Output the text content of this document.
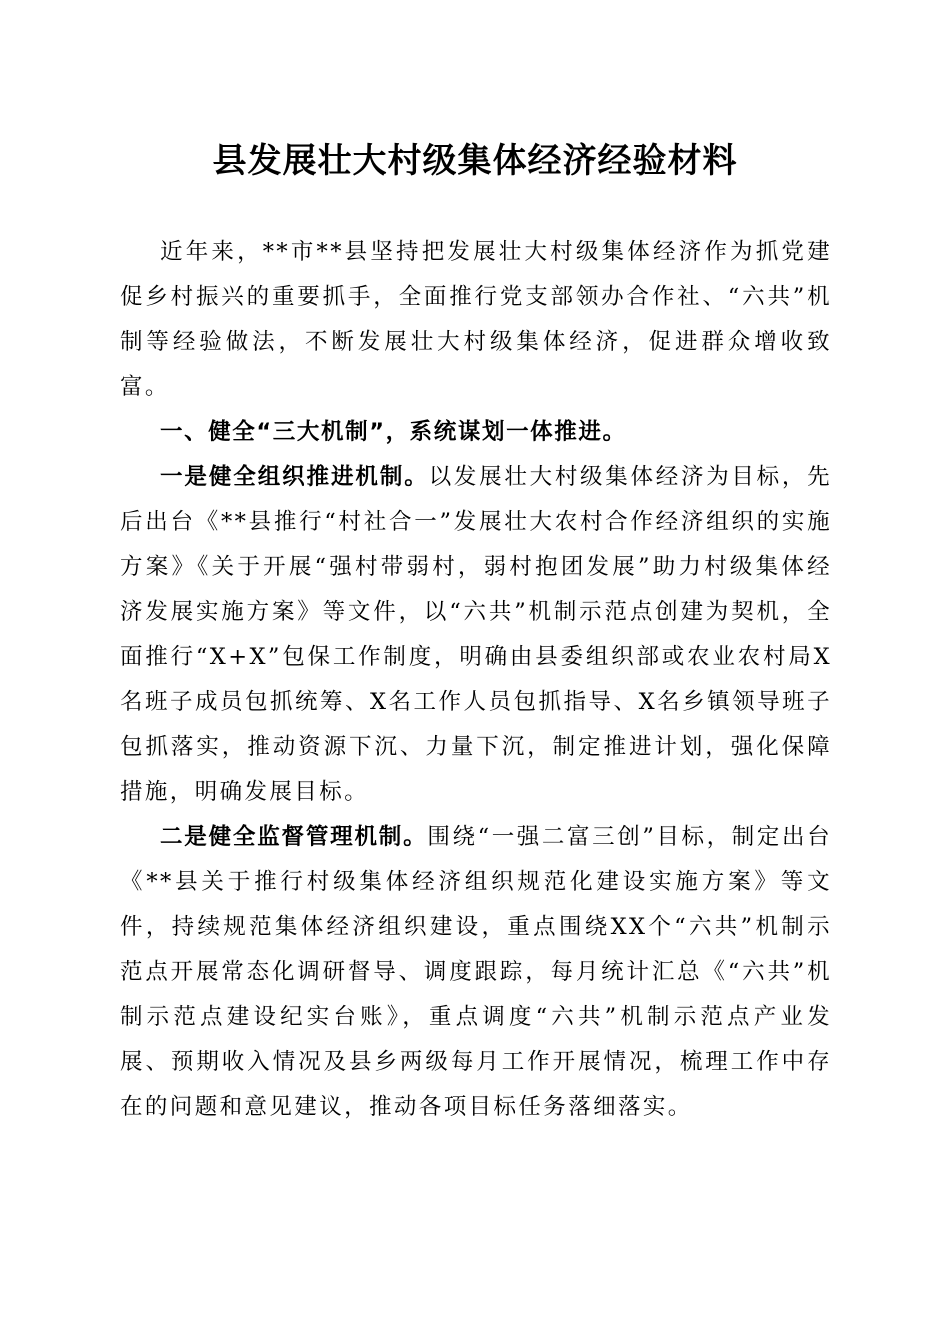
县发展壮大村级集体经济经验材料

近年来，**市**县坚持把发展壮大村级集体经济作为抓党建促乡村振兴的重要抓手，全面推行党支部领办合作社、“六共”机制等经验做法，不断发展壮大村级集体经济，促进群众增收致富。

一、健全“三大机制”，系统谋划一体推进。

一是健全组织推进机制。以发展壮大村级集体经济为目标，先后出台《**县推行“村社合一”发展壮大农村合作经济组织的实施方案》《关于开展“强村带弱村，弱村抱团发展”助力村级集体经济发展实施方案》等文件，以“六共”机制示范点创建为契机，全面推行“X+X”包保工作制度，明确由县委组织部或农业农村局X名班子成员包抓统筹、X名工作人员包抓指导、X名乡镇领导班子包抓落实，推动资源下沉、力量下沉，制定推进计划，强化保障措施，明确发展目标。

二是健全监督管理机制。围绕“一强二富三创”目标，制定出台《**县关于推行村级集体经济组织规范化建设实施方案》等文件，持续规范集体经济组织建设，重点围绕XX个“六共”机制示范点开展常态化调研督导、调度跟踪，每月统计汇总《“六共”机制示范点建设纪实台账》，重点调度“六共”机制示范点产业发展、预期收入情况及县乡两级每月工作开展情况，梳理工作中存在的问题和意见建议，推动各项目标任务落细落实。
